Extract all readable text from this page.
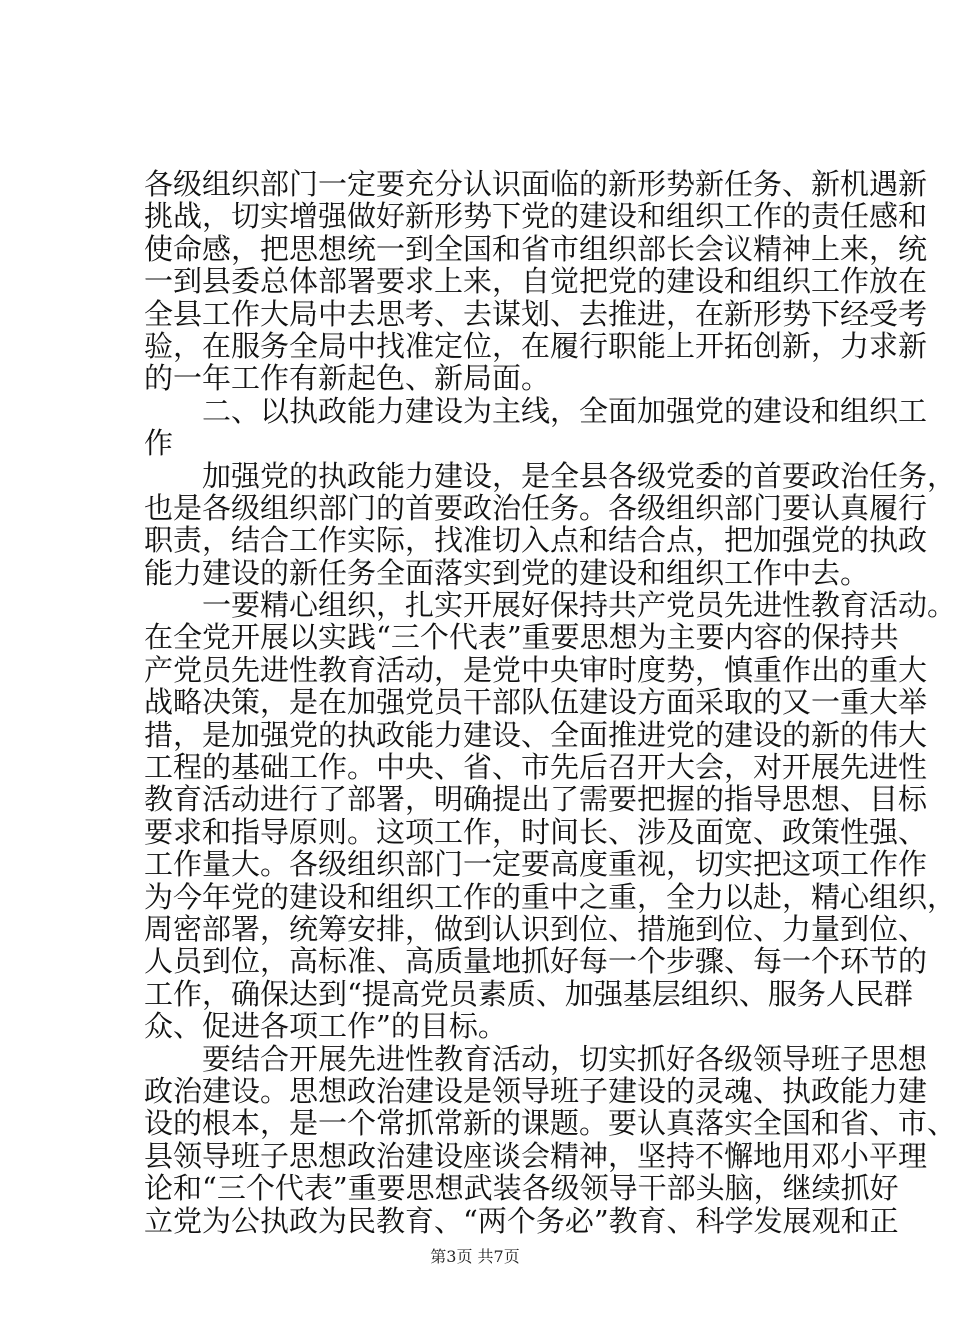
各级组织部门一定要充分认识面临的新形势新任务、新机遇新
挑战，切实增强做好新形势下党的建设和组织工作的责任感和
使命感，把思想统一到全国和省市组织部长会议精神上来，统
一到县委总体部署要求上来，自觉把党的建设和组织工作放在
全县工作大局中去思考、去谋划、去推进，在新形势下经受考
验，在服务全局中找准定位，在履行职能上开拓创新，力求新
的一年工作有新起色、新局面。
　　二、以执政能力建设为主线，全面加强党的建设和组织工
作
　　加强党的执政能力建设，是全县各级党委的首要政治任务，
也是各级组织部门的首要政治任务。各级组织部门要认真履行
职责，结合工作实际，找准切入点和结合点，把加强党的执政
能力建设的新任务全面落实到党的建设和组织工作中去。
　　一要精心组织，扎实开展好保持共产党员先进性教育活动。
在全党开展以实践“三个代表”重要思想为主要内容的保持共
产党员先进性教育活动，是党中央审时度势，慎重作出的重大
战略决策，是在加强党员干部队伍建设方面采取的又一重大举
措，是加强党的执政能力建设、全面推进党的建设的新的伟大
工程的基础工作。中央、省、市先后召开大会，对开展先进性
教育活动进行了部署，明确提出了需要把握的指导思想、目标
要求和指导原则。这项工作，时间长、涉及面宽、政策性强、
工作量大。各级组织部门一定要高度重视，切实把这项工作作
为今年党的建设和组织工作的重中之重，全力以赴，精心组织，
周密部署，统筹安排，做到认识到位、措施到位、力量到位、
人员到位，高标准、高质量地抓好每一个步骤、每一个环节的
工作，确保达到“提高党员素质、加强基层组织、服务人民群
众、促进各项工作”的目标。
　　要结合开展先进性教育活动，切实抓好各级领导班子思想
政治建设。思想政治建设是领导班子建设的灵魂、执政能力建
设的根本，是一个常抓常新的课题。要认真落实全国和省、市、
县领导班子思想政治建设座谈会精神，坚持不懈地用邓小平理
论和“三个代表”重要思想武装各级领导干部头脑，继续抓好
立党为公执政为民教育、“两个务必”教育、科学发展观和正
第3页 共7页
